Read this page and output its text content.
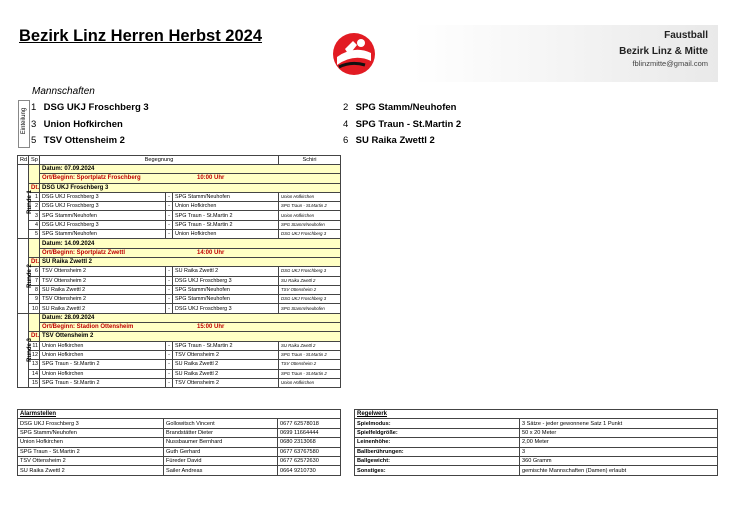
Bezirk Linz Herren Herbst 2024	Faustball
Bezirk Linz & Mitte
fblinzmitte@gmail.com
Mannschaften
Einteilung
1 DSG UKJ Froschberg 3	2 SPG Stamm/Neuhofen
3 Union Hofkirchen	4 SPG Traun - St.Martin 2
5 TSV Ottensheim 2	6 SU Raika Zwettl 2
Rd	Sp	Begegnung			Schiri
Runde 1		Datum: 07.09.2024			
		Ort/Beginn: Sportplatz Froschberg 10:00 Uhr			

	Dt.	DSG UKJ Froschberg 3			
	1	DSG UKJ Froschberg 3	-	SPG Stamm/Neuhofen	Union Hofkirchen
	2	DSG UKJ Froschberg 3	-	Union Hofkirchen	SPG Traun - St.Martin 2
	3	SPG Stamm/Neuhofen	-	SPG Traun - St.Martin 2	Union Hofkirchen
	4	DSG UKJ Froschberg 3	-	SPG Traun - St.Martin 2	SPG Stamm/Neuhofen
	5	SPG Stamm/Neuhofen	-	Union Hofkirchen	DSG UKJ Froschberg 3
Runde 2		Datum: 14.09.2024			
		Ort/Beginn: Sportplatz Zwettl 14:00 Uhr			

	Dt.	SU Raika Zwettl 2			
	6	TSV Ottensheim 2	-	SU Raika Zwettl 2	DSG UKJ Froschberg 3
	7	TSV Ottensheim 2	-	DSG UKJ Froschberg 3	SU Raika Zwettl 2
	8	SU Raika Zwettl 2	-	SPG Stamm/Neuhofen	TSV Ottensheim 2
	9	TSV Ottensheim 2	-	SPG Stamm/Neuhofen	DSG UKJ Froschberg 3
	10	SU Raika Zwettl 2	-	DSG UKJ Froschberg 3	SPG Stamm/Neuhofen
Runde 3		Datum: 28.09.2024			
		Ort/Beginn: Stadion Ottensheim 15:00 Uhr			

	Dt.	TSV Ottensheim 2			
	11	Union Hofkirchen	-	SPG Traun - St.Martin 2	SU Raika Zwettl 2
	12	Union Hofkirchen	-	TSV Ottensheim 2	SPG Traun - St.Martin 2
	13	SPG Traun - St.Martin 2	-	SU Raika Zwettl 2	TSV Ottensheim 2
	14	Union Hofkirchen	-	SU Raika Zwettl 2	SPG Traun - St.Martin 2
	15	SPG Traun - St.Martin 2	-	TSV Ottensheim 2	Union Hofkirchen
Alarmstellen		
DSG UKJ Froschberg 3	Gollowitsch Vincent	0677 62578018
SPG Stamm/Neuhofen	Brandstätter Dieter	0699 11664444
Union Hofkirchen	Nussbaumer Bernhard	0680 2313068
SPG Traun - St.Martin 2	Guth Gerhard	0677 63767580
TSV Ottensheim 2	Füreder David	0677 62572630
SU Raika Zwettl 2	Sailer Andreas	0664 9210730
Regelwerk	
Spielmodus:	3 Sätze - jeder gewonnene Satz 1 Punkt
Spielfeldgröße:	50 x 20 Meter
Leinenhöhe:	2,00 Meter
Ballberührungen:	3
Ballgewicht:	360 Gramm
Sonstiges:	gemischte Mannschaften (Damen) erlaubt
